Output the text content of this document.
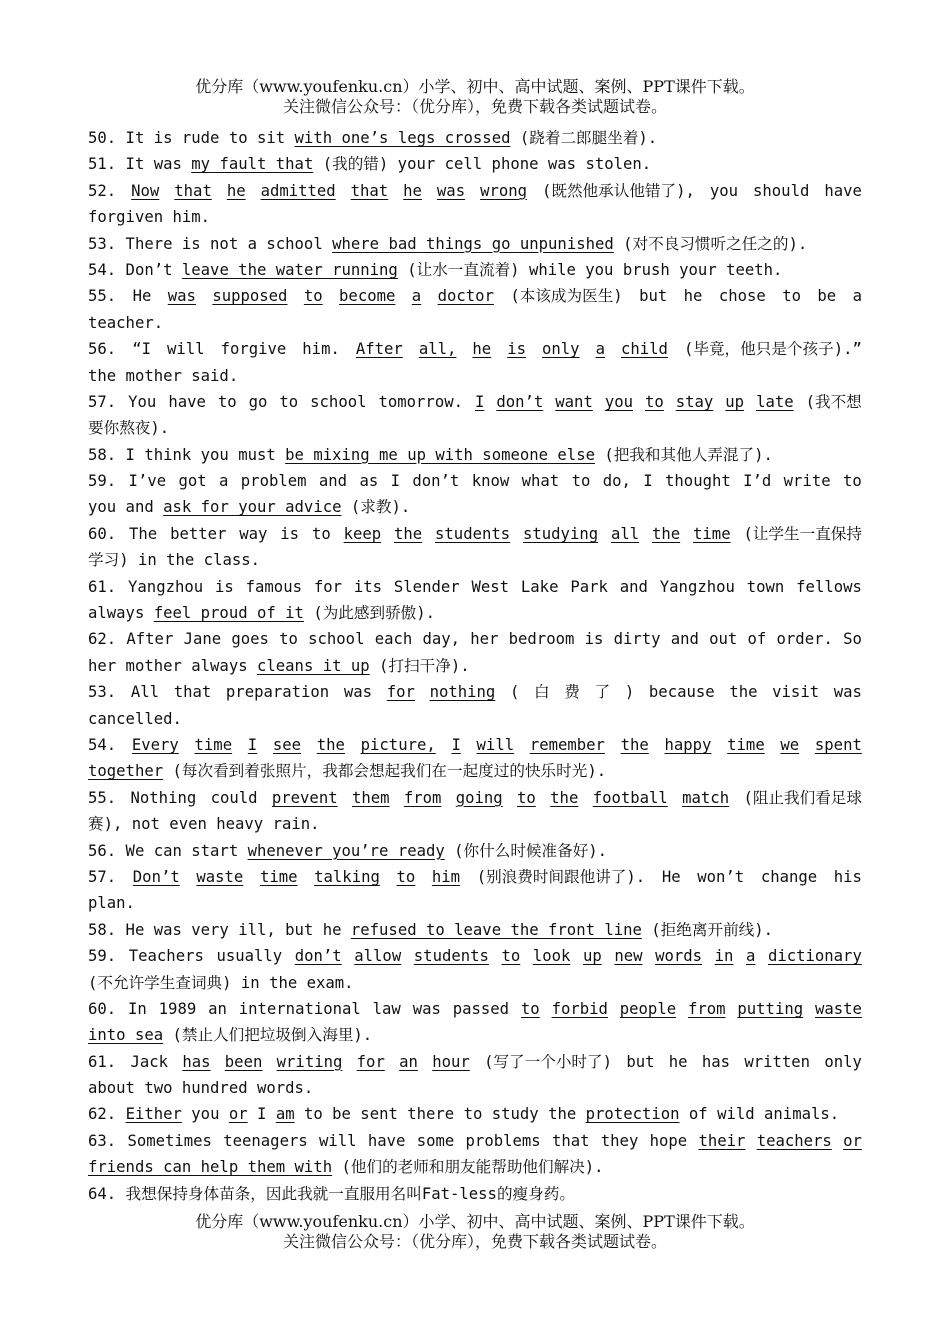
优分库（www.youfenku.cn）小学、初中、高中试题、案例、PPT课件下载。
关注微信公众号：（优分库），免费下载各类试题试卷。
50. It is rude to sit with one’s legs crossed (跷着二郎腿坐着).
51. It was my fault that (我的错) your cell phone was stolen.
52. Now that he admitted that he was wrong (既然他承认他错了), you should have
forgiven him.
53. There is not a school where bad things go unpunished (对不良习惯听之任之的).
54. Don’t leave the water running (让水一直流着) while you brush your teeth.
55. He was supposed to become a doctor (本该成为医生) but he chose to be a
teacher.
56. “I will forgive him. After all, he is only a child (毕竟，他只是个孩子).”
the mother said.
57. You have to go to school tomorrow. I don’t want you to stay up late (我不想
要你熬夜).
58. I think you must be mixing me up with someone else (把我和其他人弄混了).
59. I’ve got a problem and as I don’t know what to do, I thought I’d write to
you and ask for your advice (求教).
60. The better way is to keep the students studying all the time (让学生一直保持
学习) in the class.
61. Yangzhou is famous for its Slender West Lake Park and Yangzhou town fellows
always feel proud of it (为此感到骄傲).
62. After Jane goes to school each day, her bedroom is dirty and out of order. So
her mother always cleans it up (打扫干净).
53. All that preparation was for nothing ( 白 费 了 ) because the visit was
cancelled.
54. Every time I see the picture, I will remember the happy time we spent
together (每次看到着张照片，我都会想起我们在一起度过的快乐时光).
55. Nothing could prevent them from going to the football match (阻止我们看足球
赛), not even heavy rain.
56. We can start whenever you’re ready (你什么时候准备好).
57. Don’t waste time talking to him (别浪费时间跟他讲了). He won’t change his
plan.
58. He was very ill, but he refused to leave the front line (拒绝离开前线).
59. Teachers usually don’t allow students to look up new words in a dictionary
(不允许学生查词典) in the exam.
60. In 1989 an international law was passed to forbid people from putting waste
into sea (禁止人们把垃圾倒入海里).
61. Jack has been writing for an hour (写了一个小时了) but he has written only
about two hundred words.
62. Either you or I am to be sent there to study the protection of wild animals.
63. Sometimes teenagers will have some problems that they hope their teachers or
friends can help them with (他们的老师和朋友能帮助他们解决).
64. 我想保持身体苗条，因此我就一直服用名叫Fat-less的瘦身药。
优分库（www.youfenku.cn）小学、初中、高中试题、案例、PPT课件下载。
关注微信公众号：（优分库），免费下载各类试题试卷。
